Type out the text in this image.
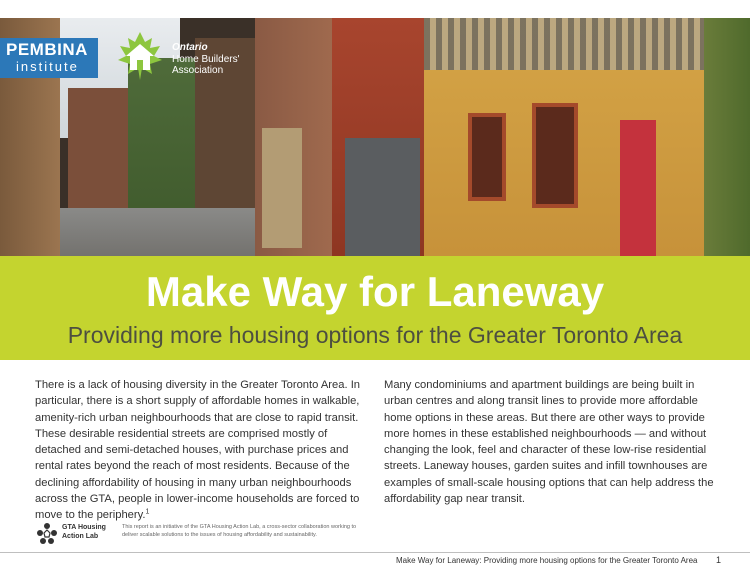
PEMBINA
institute
Ontario
Home Builders' Association
Make Way for Laneway
Providing more housing options for the Greater Toronto Area
There is a lack of housing diversity in the Greater Toronto Area. In particular, there is a short supply of affordable homes in walkable, amenity-rich urban neighbourhoods that are close to rapid transit. These desirable residential streets are comprised mostly of detached and semi-detached houses, with purchase prices and rental rates beyond the reach of most residents. Because of the declining affordability of housing in many urban neighbourhoods across the GTA, people in lower-income households are forced to move to the periphery.$^1$
Many condominiums and apartment buildings are being built in urban centres and along transit lines to provide more affordable home options in these areas. But there are other ways to provide more homes in these established neighbourhoods — and without changing the look, feel and character of these low-rise residential streets. Laneway houses, garden suites and infill townhouses are examples of small-scale housing options that can help address the affordability gap near transit.
GTA Housing
Action Lab
This report is an initiative of the GTA Housing Action Lab, a cross-sector collaboration working to deliver scalable solutions to the issues of housing affordability and sustainability.
Make Way for Laneway: Providing more housing options for the Greater Toronto Area 1
